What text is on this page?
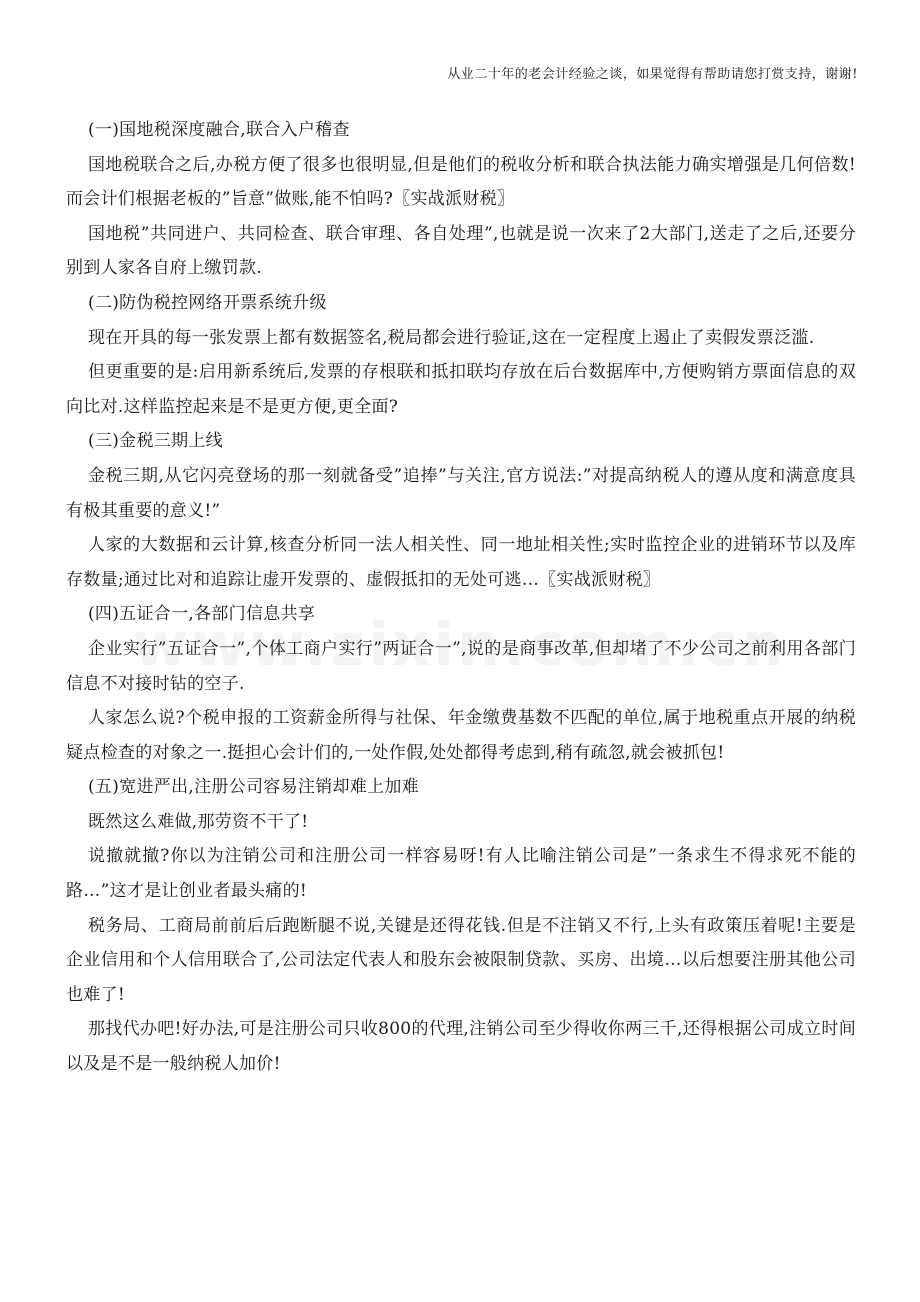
从业二十年的老会计经验之谈，如果觉得有帮助请您打赏支持，谢谢!

(一)国地税深度融合,联合入户稽查

国地税联合之后,办税方便了很多也很明显,但是他们的税收分析和联合执法能力确实增强是几何倍数!而会计们根据老板的”旨意”做账,能不怕吗?〖实战派财税〗

国地税”共同进户、共同检查、联合审理、各自处理”,也就是说一次来了2大部门,送走了之后,还要分别到人家各自府上缴罚款.

(二)防伪税控网络开票系统升级

现在开具的每一张发票上都有数据签名,税局都会进行验证,这在一定程度上遏止了卖假发票泛滥.

但更重要的是:启用新系统后,发票的存根联和抵扣联均存放在后台数据库中,方便购销方票面信息的双向比对.这样监控起来是不是更方便,更全面?

(三)金税三期上线

金税三期,从它闪亮登场的那一刻就备受”追捧”与关注,官方说法:”对提高纳税人的遵从度和满意度具有极其重要的意义!”

人家的大数据和云计算,核查分析同一法人相关性、同一地址相关性;实时监控企业的进销环节以及库存数量;通过比对和追踪让虚开发票的、虚假抵扣的无处可逃…〖实战派财税〗

(四)五证合一,各部门信息共享

企业实行”五证合一”,个体工商户实行”两证合一”,说的是商事改革,但却堵了不少公司之前利用各部门信息不对接时钻的空子.

人家怎么说?个税申报的工资薪金所得与社保、年金缴费基数不匹配的单位,属于地税重点开展的纳税疑点检查的对象之一.挺担心会计们的,一处作假,处处都得考虑到,稍有疏忽,就会被抓包!

(五)宽进严出,注册公司容易注销却难上加难

既然这么难做,那劳资不干了!

说撤就撤?你以为注销公司和注册公司一样容易呀!有人比喻注销公司是”一条求生不得求死不能的路…”这才是让创业者最头痛的!

税务局、工商局前前后后跑断腿不说,关键是还得花钱.但是不注销又不行,上头有政策压着呢!主要是企业信用和个人信用联合了,公司法定代表人和股东会被限制贷款、买房、出境…以后想要注册其他公司也难了!

那找代办吧!好办法,可是注册公司只收800的代理,注销公司至少得收你两三千,还得根据公司成立时间以及是不是一般纳税人加价!
